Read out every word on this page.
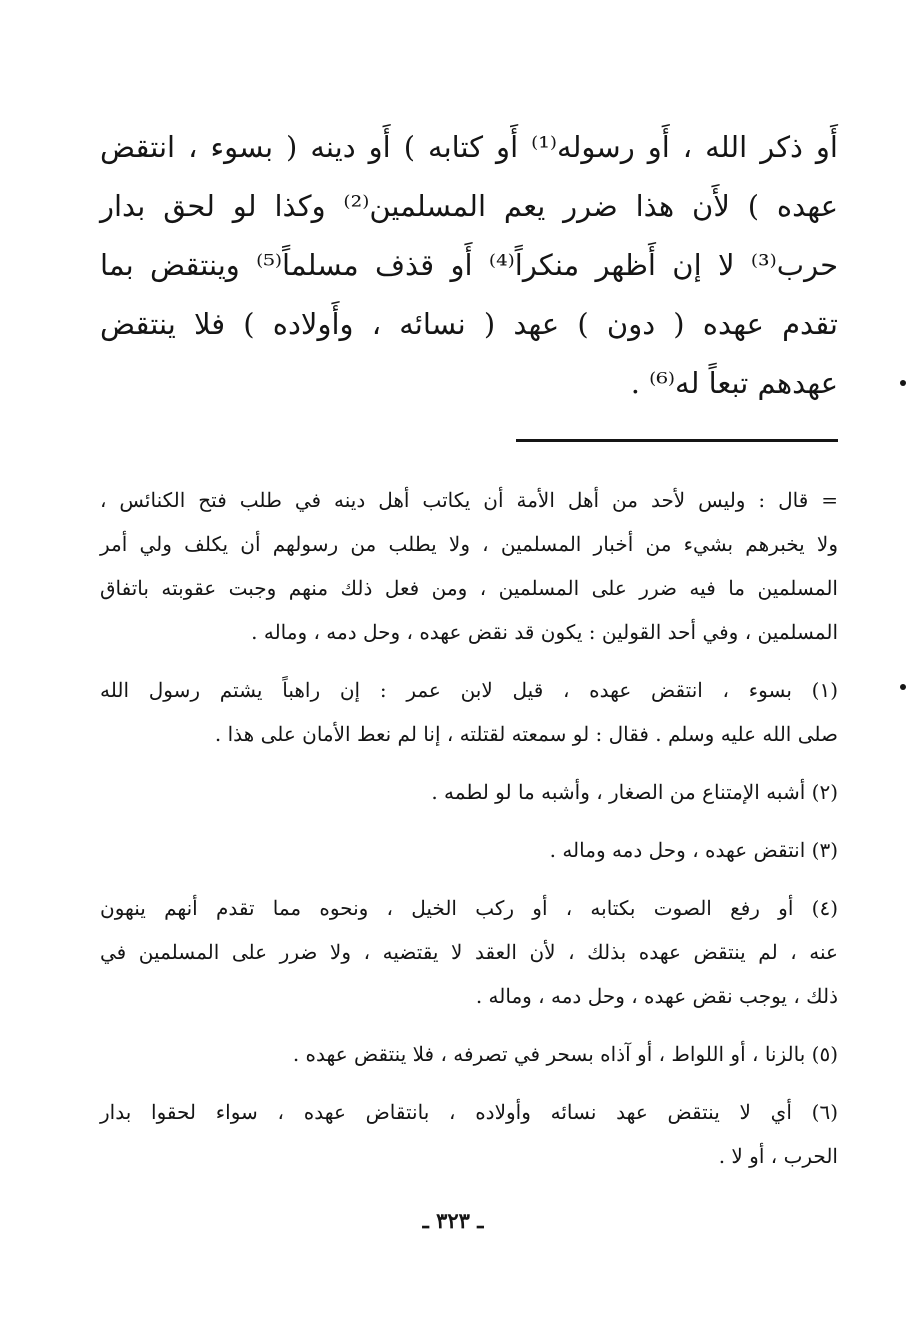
أَو ذكر الله ، أَو رسوله⁽¹⁾ أَو كتابه ) أَو دينه ( بسوء ، انتقض
عهده ) لأَن هذا ضرر يعم المسلمين⁽²⁾ وكذا لو لحق بدار
حرب⁽³⁾ لا إن أَظهر منكراً⁽⁴⁾ أَو قذف مسلماً⁽⁵⁾ وينتقض بما
تقدم عهده ( دون ) عهد ( نسائه ، وأَولاده ) فلا ينتقض
عهدهم تبعاً له⁽⁶⁾ .
= قال : وليس لأحد من أهل الأمة أن يكاتب أهل دينه في طلب فتح الكنائس ،
ولا يخبرهم بشيء من أخبار المسلمين ، ولا يطلب من رسولهم أن يكلف ولي أمر
المسلمين ما فيه ضرر على المسلمين ، ومن فعل ذلك منهم وجبت عقوبته باتفاق
المسلمين ، وفي أحد القولين : يكون قد نقض عهده ، وحل دمه ، وماله .
(١) بسوء ، انتقض عهده ، قيل لابن عمر : إن راهباً يشتم رسول الله
صلى الله عليه وسلم . فقال : لو سمعته لقتلته ، إنا لم نعط الأمان على هذا .
(٢) أشبه الإمتناع من الصغار ، وأشبه ما لو لطمه .
(٣) انتقض عهده ، وحل دمه وماله .
(٤) أو رفع الصوت بكتابه ، أو ركب الخيل ، ونحوه مما تقدم أنهم ينهون
عنه ، لم ينتقض عهده بذلك ، لأن العقد لا يقتضيه ، ولا ضرر على المسلمين في
ذلك ، يوجب نقض عهده ، وحل دمه ، وماله .
(٥) بالزنا ، أو اللواط ، أو آذاه بسحر في تصرفه ، فلا ينتقض عهده .
(٦) أي لا ينتقض عهد نسائه وأولاده ، بانتقاض عهده ، سواء لحقوا بدار
الحرب ، أو لا .
ـ ٣٢٣ ـ
